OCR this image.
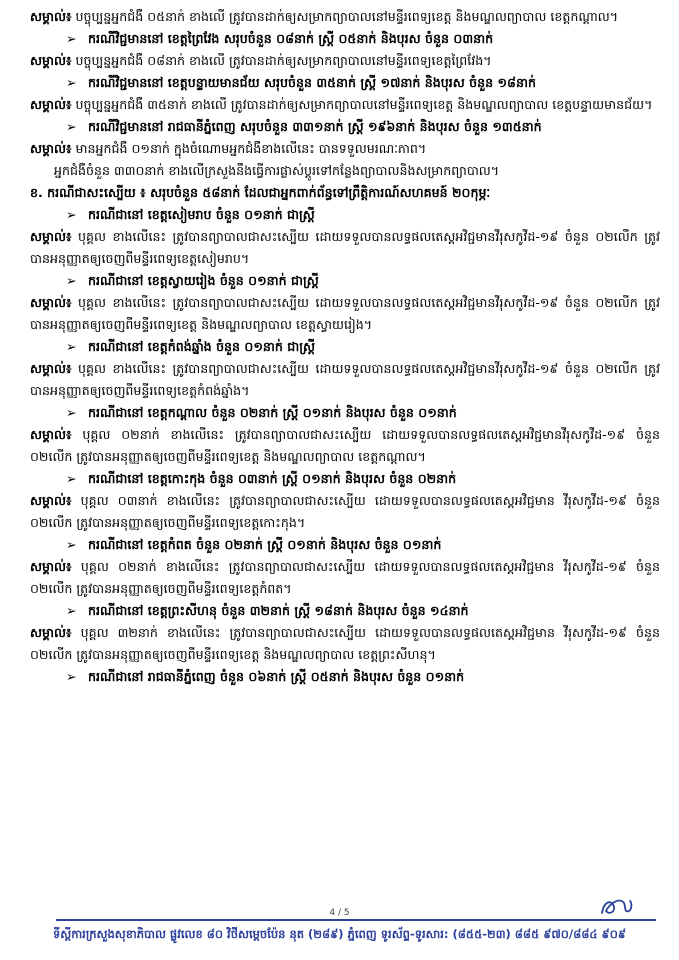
សម្គាល់៖ បច្ចុប្បន្នអ្នកជំងឺ ០៥នាក់ ខាងលើ ត្រូវបានដាក់ឲ្យសម្រាកព្យាបាលនៅមន្ទីរពេទ្យខេត្ត និងមណ្ឌលព្យាបាល ខេត្តកណ្តាល។

➢ ករណីវិជ្ជមាននៅ ខេត្តព្រៃវែង សរុបចំនួន ០៨នាក់ ស្រ្តី ០៥នាក់ និងបុរស ចំនួន ០៣នាក់

សម្គាល់៖ បច្ចុប្បន្នអ្នកជំងឺ ០៨នាក់ ខាងលើ ត្រូវបានដាក់ឲ្យសម្រាកព្យាបាលនៅមន្ទីរពេទ្យខេត្តព្រៃវែង។

➢ ករណីវិជ្ជមាននៅ ខេត្តបន្ទាយមានជ័យ សរុបចំនួន ៣៥នាក់ ស្រ្តី ១៧នាក់ និងបុរស ចំនួន ១៨នាក់

សម្គាល់៖ បច្ចុប្បន្នអ្នកជំងឺ ៣៥នាក់ ខាងលើ ត្រូវបានដាក់ឲ្យសម្រាកព្យាបាលនៅមន្ទីរពេទ្យខេត្ត និងមណ្ឌលព្យាបាល ខេត្តបន្ទាយមានជ័យ។

➢ ករណីវិជ្ជមាននៅ រាជធានីភ្នំពេញ សរុបចំនួន ៣៣១នាក់ ស្រ្តី ១៩៦នាក់ និងបុរស ចំនួន ១៣៥នាក់

សម្គាល់៖ មានអ្នកជំងឺ ០១នាក់ ក្នុងចំណោមអ្នកជំងឺខាងលើនេះ បានទទួលមរណៈភាព។

អ្នកជំងឺចំនួន ៣៣០នាក់ ខាងលើក្រសួងនឹងធ្វើការផ្លាស់ប្តូរទៅកន្លែងព្យាបាលនិងសម្រាកព្យាបាល។

ខ. ករណីជាសះស្បើយ ៖ សរុបចំនួន ៥៨នាក់ ដែលជាអ្នកពាក់ព័ន្ធទៅព្រឹត្តិការណ៍សហគមន៍ ២០កុម្ភៈ

➢ ករណីជានៅ ខេត្តសៀមរាប ចំនួន ០១នាក់ ជាស្រ្តី

សម្គាល់៖ បុគ្គល ខាងលើនេះ ត្រូវបានព្យាបាលជាសះស្បើយ ដោយទទួលបានលទ្ធផលតេស្តអវិជ្ជមានវីរុសកូវីដ-១៩ ចំនួន ០២លើក ត្រូវបានអនុញ្ញាតឲ្យចេញពីមន្ទីរពេទ្យខេត្តសៀមរាប។

➢ ករណីជានៅ ខេត្តស្វាយរៀង ចំនួន ០១នាក់ ជាស្រ្តី

សម្គាល់៖ បុគ្គល ខាងលើនេះ ត្រូវបានព្យាបាលជាសះស្បើយ ដោយទទួលបានលទ្ធផលតេស្តអវិជ្ជមានវីរុសកូវីដ-១៩ ចំនួន ០២លើក ត្រូវបានអនុញ្ញាតឲ្យចេញពីមន្ទីរពេទ្យខេត្ត និងមណ្ឌលព្យាបាល ខេត្តស្វាយរៀង។

➢ ករណីជានៅ ខេត្តកំពង់ឆ្នាំង ចំនួន ០១នាក់ ជាស្រ្តី

សម្គាល់៖ បុគ្គល ខាងលើនេះ ត្រូវបានព្យាបាលជាសះស្បើយ ដោយទទួលបានលទ្ធផលតេស្តអវិជ្ជមានវីរុសកូវីដ-១៩ ចំនួន ០២លើក ត្រូវបានអនុញ្ញាតឲ្យចេញពីមន្ទីរពេទ្យខេត្តកំពង់ឆ្នាំង។

➢ ករណីជានៅ ខេត្តកណ្តាល ចំនួន ០២នាក់ ស្រ្តី ០១នាក់ និងបុរស ចំនួន ០១នាក់

សម្គាល់៖ បុគ្គល ០២នាក់ ខាងលើនេះ ត្រូវបានព្យាបាលជាសះស្បើយ ដោយទទួលបានលទ្ធផលតេស្តអវិជ្ជមានវីរុសកូវីដ-១៩ ចំនួន ០២លើក ត្រូវបានអនុញ្ញាតឲ្យចេញពីមន្ទីរពេទ្យខេត្ត និងមណ្ឌលព្យាបាល ខេត្តកណ្តាល។

➢ ករណីជានៅ ខេត្តកោះកុង ចំនួន ០៣នាក់ ស្រ្តី ០១នាក់ និងបុរស ចំនួន ០២នាក់

សម្គាល់៖ បុគ្គល ០៣នាក់ ខាងលើនេះ ត្រូវបានព្យាបាលជាសះស្បើយ ដោយទទួលបានលទ្ធផលតេស្តអវិជ្ជមាន វីរុសកូវីដ-១៩ ចំនួន ០២លើក ត្រូវបានអនុញ្ញាតឲ្យចេញពីមន្ទីរពេទ្យខេត្តកោះកុង។

➢ ករណីជានៅ ខេត្តកំពត ចំនួន ០២នាក់ ស្រ្តី ០១នាក់ និងបុរស ចំនួន ០១នាក់

សម្គាល់៖ បុគ្គល ០២នាក់ ខាងលើនេះ ត្រូវបានព្យាបាលជាសះស្បើយ ដោយទទួលបានលទ្ធផលតេស្តអវិជ្ជមាន វីរុសកូវីដ-១៩ ចំនួន ០២លើក ត្រូវបានអនុញ្ញាតឲ្យចេញពីមន្ទីរពេទ្យខេត្តកំពត។

➢ ករណីជានៅ ខេត្តព្រះសីហនុ ចំនួន ៣២នាក់ ស្រ្តី ១៨នាក់ និងបុរស ចំនួន ១៤នាក់

សម្គាល់៖ បុគ្គល ៣២នាក់ ខាងលើនេះ ត្រូវបានព្យាបាលជាសះស្បើយ ដោយទទួលបានលទ្ធផលតេស្តអវិជ្ជមាន វីរុសកូវីដ-១៩ ចំនួន ០២លើក ត្រូវបានអនុញ្ញាតឲ្យចេញពីមន្ទីរពេទ្យខេត្ត និងមណ្ឌលព្យាបាល ខេត្តព្រះសីហនុ។

➢ ករណីជានៅ រាជធានីភ្នំពេញ ចំនួន ០៦នាក់ ស្រ្តី ០៥នាក់ និងបុរស ចំនួន ០១នាក់

4 / 5
ទីស្តីការក្រសួងសុខាភិបាល ផ្លូវលេខ ៨០ វិថីសម្តេចប៉ែន នុត (២៨៩) ភ្នំពេញ ទូរស័ព្ទ-ទូរសារ: (៨៥៥-២៣) ៨៨៥ ៩៧០/៨៨៤ ៩០៩
